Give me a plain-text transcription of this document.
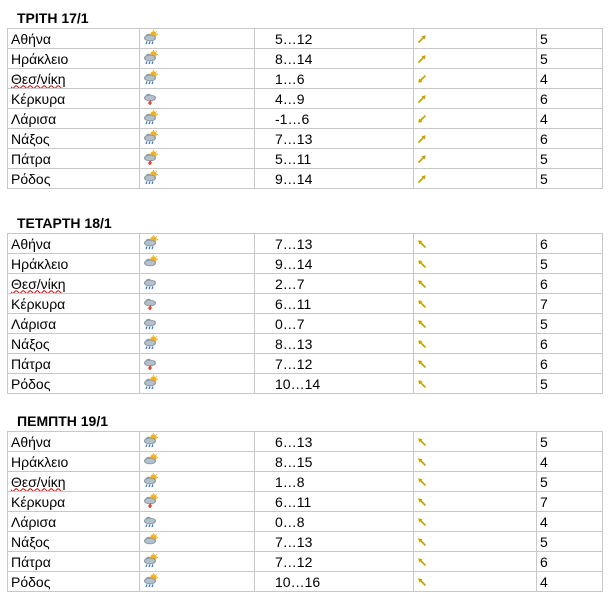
ΤΡΙΤΗ 17/1
Αθήνα		5…12		5
Ηράκλειο		8…14		5
Θεσ/νίκη		1…6		4
Κέρκυρα		4…9		6
Λάρισα		-1…6		4
Νάξος		7…13		6
Πάτρα		5…11		5
Ρόδος		9…14		5
ΤΕΤΑΡΤΗ 18/1
Αθήνα		7…13		6
Ηράκλειο		9…14		5
Θεσ/νίκη		2…7		6
Κέρκυρα		6…11		7
Λάρισα		0…7		5
Νάξος		8…13		6
Πάτρα		7…12		6
Ρόδος		10…14		5
ΠΕΜΠΤΗ 19/1
Αθήνα		6…13		5
Ηράκλειο		8…15		4
Θεσ/νίκη		1…8		5
Κέρκυρα		6…11		7
Λάρισα		0…8		4
Νάξος		7…13		5
Πάτρα		7…12		6
Ρόδος		10…16		4
